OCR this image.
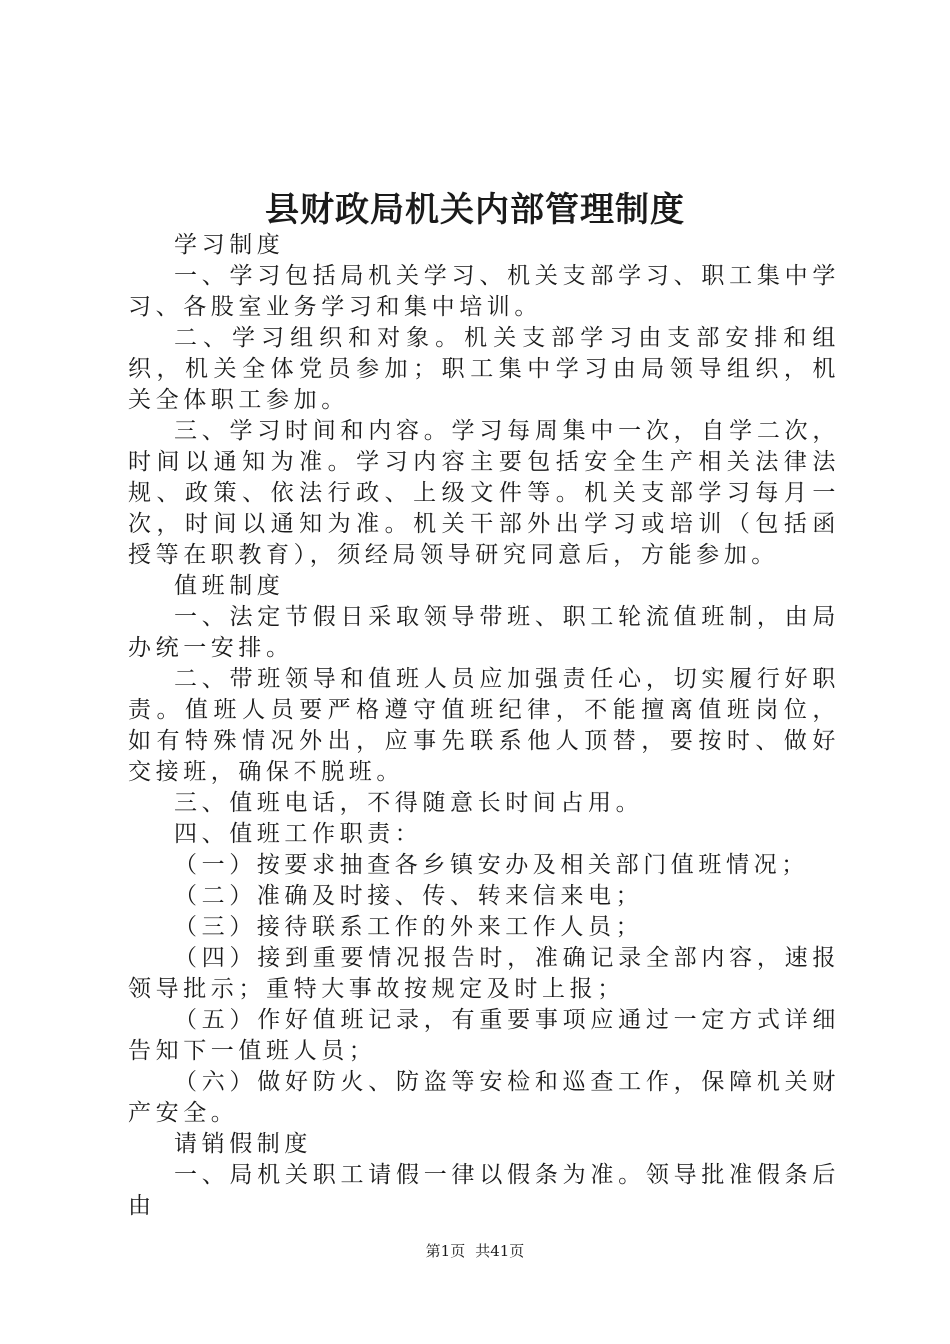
县财政局机关内部管理制度

学习制度

一、学习包括局机关学习、机关支部学习、职工集中学习、各股室业务学习和集中培训。

二、学习组织和对象。机关支部学习由支部安排和组织，机关全体党员参加；职工集中学习由局领导组织，机关全体职工参加。

三、学习时间和内容。学习每周集中一次，自学二次，时间以通知为准。学习内容主要包括安全生产相关法律法规、政策、依法行政、上级文件等。机关支部学习每月一次，时间以通知为准。机关干部外出学习或培训（包括函授等在职教育），须经局领导研究同意后，方能参加。

值班制度

一、法定节假日采取领导带班、职工轮流值班制，由局办统一安排。

二、带班领导和值班人员应加强责任心，切实履行好职责。值班人员要严格遵守值班纪律，不能擅离值班岗位，如有特殊情况外出，应事先联系他人顶替，要按时、做好交接班，确保不脱班。

三、值班电话，不得随意长时间占用。

四、值班工作职责：

（一）按要求抽查各乡镇安办及相关部门值班情况；

（二）准确及时接、传、转来信来电；

（三）接待联系工作的外来工作人员；

（四）接到重要情况报告时，准确记录全部内容，速报领导批示；重特大事故按规定及时上报；

（五）作好值班记录，有重要事项应通过一定方式详细告知下一值班人员；

（六）做好防火、防盗等安检和巡查工作，保障机关财产安全。

请销假制度

一、局机关职工请假一律以假条为准。领导批准假条后由

第1页 共41页
